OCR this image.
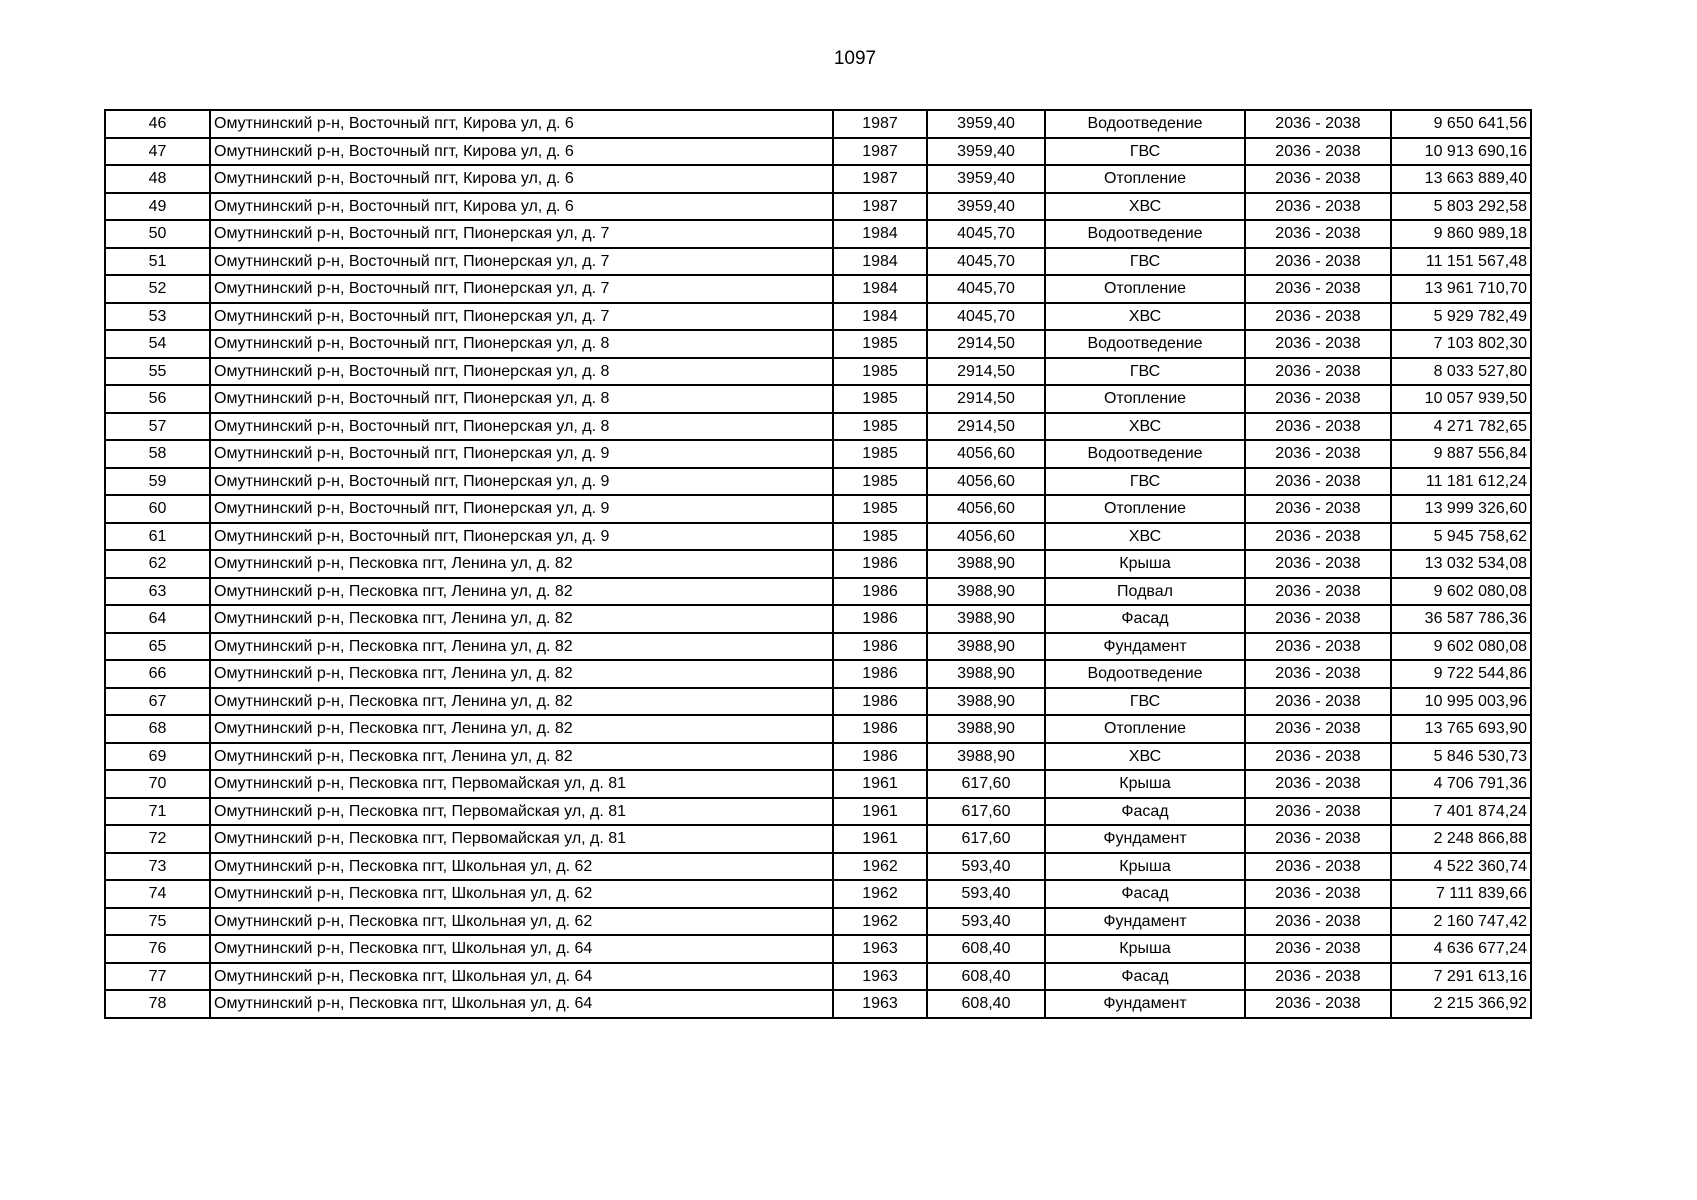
1097
46	Омутнинский р-н, Восточный пгт, Кирова ул, д. 6	1987	3959,40	Водоотведение	2036 - 2038	9 650 641,56
47	Омутнинский р-н, Восточный пгт, Кирова ул, д. 6	1987	3959,40	ГВС	2036 - 2038	10 913 690,16
48	Омутнинский р-н, Восточный пгт, Кирова ул, д. 6	1987	3959,40	Отопление	2036 - 2038	13 663 889,40
49	Омутнинский р-н, Восточный пгт, Кирова ул, д. 6	1987	3959,40	ХВС	2036 - 2038	5 803 292,58
50	Омутнинский р-н, Восточный пгт, Пионерская ул, д. 7	1984	4045,70	Водоотведение	2036 - 2038	9 860 989,18
51	Омутнинский р-н, Восточный пгт, Пионерская ул, д. 7	1984	4045,70	ГВС	2036 - 2038	11 151 567,48
52	Омутнинский р-н, Восточный пгт, Пионерская ул, д. 7	1984	4045,70	Отопление	2036 - 2038	13 961 710,70
53	Омутнинский р-н, Восточный пгт, Пионерская ул, д. 7	1984	4045,70	ХВС	2036 - 2038	5 929 782,49
54	Омутнинский р-н, Восточный пгт, Пионерская ул, д. 8	1985	2914,50	Водоотведение	2036 - 2038	7 103 802,30
55	Омутнинский р-н, Восточный пгт, Пионерская ул, д. 8	1985	2914,50	ГВС	2036 - 2038	8 033 527,80
56	Омутнинский р-н, Восточный пгт, Пионерская ул, д. 8	1985	2914,50	Отопление	2036 - 2038	10 057 939,50
57	Омутнинский р-н, Восточный пгт, Пионерская ул, д. 8	1985	2914,50	ХВС	2036 - 2038	4 271 782,65
58	Омутнинский р-н, Восточный пгт, Пионерская ул, д. 9	1985	4056,60	Водоотведение	2036 - 2038	9 887 556,84
59	Омутнинский р-н, Восточный пгт, Пионерская ул, д. 9	1985	4056,60	ГВС	2036 - 2038	11 181 612,24
60	Омутнинский р-н, Восточный пгт, Пионерская ул, д. 9	1985	4056,60	Отопление	2036 - 2038	13 999 326,60
61	Омутнинский р-н, Восточный пгт, Пионерская ул, д. 9	1985	4056,60	ХВС	2036 - 2038	5 945 758,62
62	Омутнинский р-н, Песковка пгт, Ленина ул, д. 82	1986	3988,90	Крыша	2036 - 2038	13 032 534,08
63	Омутнинский р-н, Песковка пгт, Ленина ул, д. 82	1986	3988,90	Подвал	2036 - 2038	9 602 080,08
64	Омутнинский р-н, Песковка пгт, Ленина ул, д. 82	1986	3988,90	Фасад	2036 - 2038	36 587 786,36
65	Омутнинский р-н, Песковка пгт, Ленина ул, д. 82	1986	3988,90	Фундамент	2036 - 2038	9 602 080,08
66	Омутнинский р-н, Песковка пгт, Ленина ул, д. 82	1986	3988,90	Водоотведение	2036 - 2038	9 722 544,86
67	Омутнинский р-н, Песковка пгт, Ленина ул, д. 82	1986	3988,90	ГВС	2036 - 2038	10 995 003,96
68	Омутнинский р-н, Песковка пгт, Ленина ул, д. 82	1986	3988,90	Отопление	2036 - 2038	13 765 693,90
69	Омутнинский р-н, Песковка пгт, Ленина ул, д. 82	1986	3988,90	ХВС	2036 - 2038	5 846 530,73
70	Омутнинский р-н, Песковка пгт, Первомайская ул, д. 81	1961	617,60	Крыша	2036 - 2038	4 706 791,36
71	Омутнинский р-н, Песковка пгт, Первомайская ул, д. 81	1961	617,60	Фасад	2036 - 2038	7 401 874,24
72	Омутнинский р-н, Песковка пгт, Первомайская ул, д. 81	1961	617,60	Фундамент	2036 - 2038	2 248 866,88
73	Омутнинский р-н, Песковка пгт, Школьная ул, д. 62	1962	593,40	Крыша	2036 - 2038	4 522 360,74
74	Омутнинский р-н, Песковка пгт, Школьная ул, д. 62	1962	593,40	Фасад	2036 - 2038	7 111 839,66
75	Омутнинский р-н, Песковка пгт, Школьная ул, д. 62	1962	593,40	Фундамент	2036 - 2038	2 160 747,42
76	Омутнинский р-н, Песковка пгт, Школьная ул, д. 64	1963	608,40	Крыша	2036 - 2038	4 636 677,24
77	Омутнинский р-н, Песковка пгт, Школьная ул, д. 64	1963	608,40	Фасад	2036 - 2038	7 291 613,16
78	Омутнинский р-н, Песковка пгт, Школьная ул, д. 64	1963	608,40	Фундамент	2036 - 2038	2 215 366,92
